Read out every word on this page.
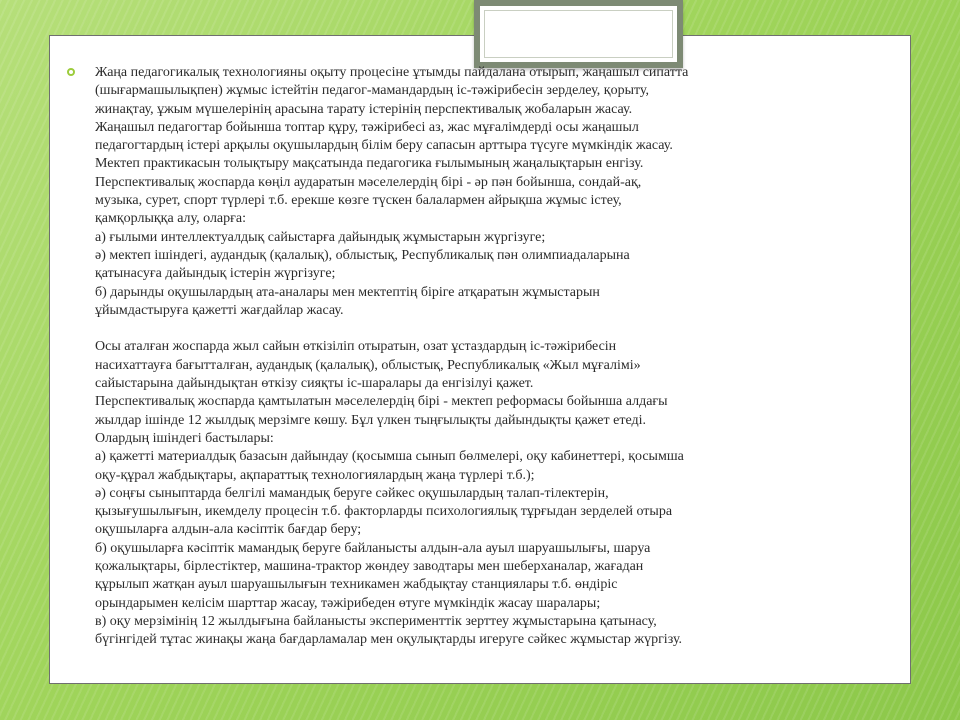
Жаңа педагогикалық технологияны оқыту процесіне ұтымды пайдалана отырып, жаңашыл сипатта
(шығармашылықпен) жұмыс істейтін педагог-мамандардың іс-тәжірибесін зерделеу, қорыту,
жинақтау, ұжым мүшелерінің арасына тарату істерінің перспективалық жобаларын жасау.
Жаңашыл педагогтар бойынша топтар құру, тәжірибесі аз, жас мұғалімдерді осы жаңашыл
педагогтардың істері арқылы оқушылардың білім беру сапасын арттыра түсуге мүмкіндік жасау.
Мектеп практикасын толықтыру мақсатында педагогика ғылымының жаңалықтарын енгізу.
Перспективалық жоспарда көңіл аударатын мәселелердің бірі - әр пән бойынша, сондай-ақ,
музыка, сурет, спорт түрлері т.б. ерекше көзге түскен балалармен айрықша жұмыс істеу,
қамқорлыққа алу, оларға:
а) ғылыми интеллектуалдық сайыстарға дайындық жұмыстарын жүргізуге;
ә) мектеп ішіндегі, аудандық (қалалық), облыстық, Республикалық пән олимпиадаларына
қатынасуға дайындық істерін жүргізуге;
б) дарынды оқушылардың ата-аналары мен мектептің біріге атқаратын жұмыстарын
ұйымдастыруға қажетті жағдайлар жасау.
Осы аталған жоспарда жыл сайын өткізіліп отыратын, озат ұстаздардың іс-тәжірибесін
насихаттауға бағытталған, аудандық (қалалық), облыстық, Республикалық «Жыл мұғалімі»
сайыстарына дайындықтан өткізу сияқты іс-шаралары да енгізілуі қажет.
Перспективалық жоспарда қамтылатын мәселелердің бірі - мектеп реформасы бойынша алдағы
жылдар ішінде 12 жылдық мерзімге көшу. Бұл үлкен тыңғылықты дайындықты қажет етеді.
Олардың ішіндегі бастылары:
а) қажетті материалдық базасын дайындау (қосымша сынып бөлмелері, оқу кабинеттері, қосымша
оқу-құрал жабдықтары, ақпараттық технологиялардың жаңа түрлері т.б.);
ә) соңғы сыныптарда белгілі мамандық беруге сәйкес оқушылардың талап-тілектерін,
қызығушылығын, икемделу процесін т.б. факторларды психологиялық тұрғыдан зерделей отыра
оқушыларға алдын-ала кәсіптік бағдар беру;
б) оқушыларға кәсіптік мамандық беруге байланысты алдын-ала ауыл шаруашылығы, шаруа
қожалықтары, бірлестіктер, машина-трактор жөндеу заводтары мен шеберханалар, жағадан
құрылып жатқан ауыл шаруашылығын техникамен жабдықтау станциялары т.б. өндіріс
орындарымен келісім шарттар жасау, тәжірибеден өтуге мүмкіндік жасау шаралары;
в) оқу мерзімінің 12 жылдығына байланысты эксперименттік зерттеу жұмыстарына қатынасу,
бүгінгідей тұтас жинақы жаңа бағдарламалар мен оқулықтарды игеруге сәйкес жұмыстар жүргізу.
